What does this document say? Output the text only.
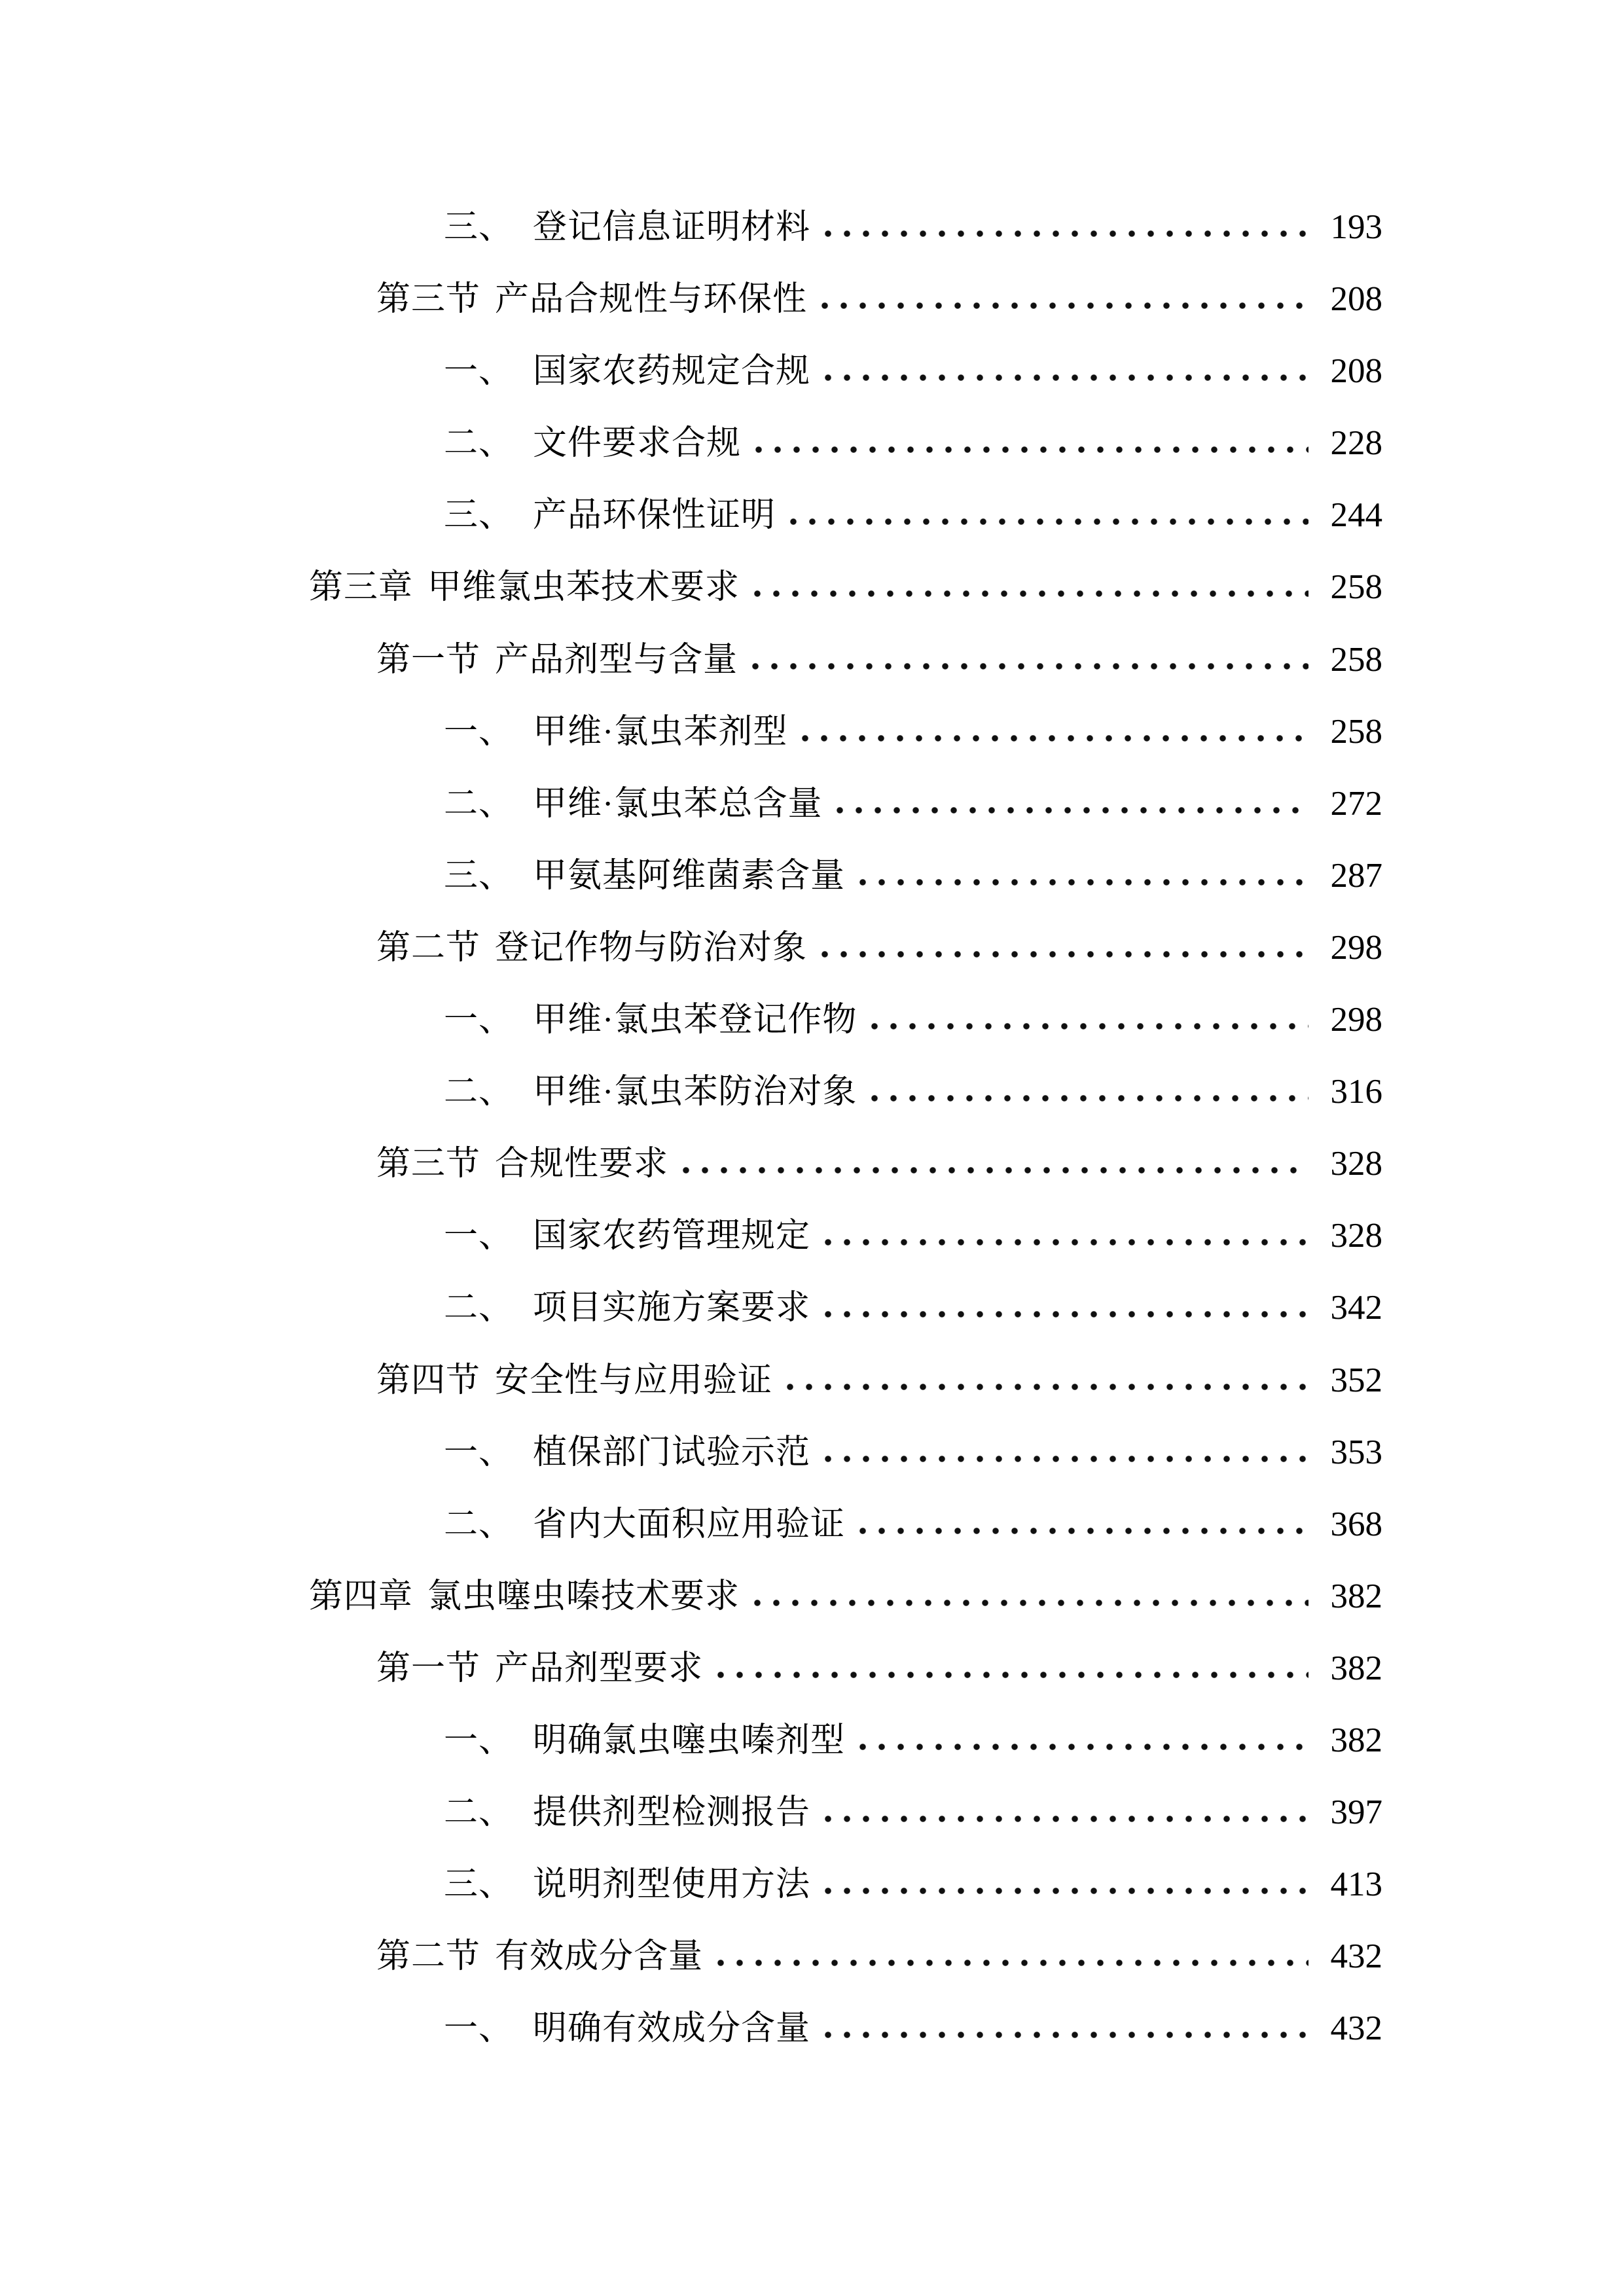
三、 登记信息证明材料	193
第三节 产品合规性与环保性	208
一、 国家农药规定合规	208
二、 文件要求合规	228
三、 产品环保性证明	244
第三章 甲维氯虫苯技术要求	258
第一节 产品剂型与含量	258
一、 甲维·氯虫苯剂型	258
二、 甲维·氯虫苯总含量	272
三、 甲氨基阿维菌素含量	287
第二节 登记作物与防治对象	298
一、 甲维·氯虫苯登记作物	298
二、 甲维·氯虫苯防治对象	316
第三节 合规性要求	328
一、 国家农药管理规定	328
二、 项目实施方案要求	342
第四节 安全性与应用验证	352
一、 植保部门试验示范	353
二、 省内大面积应用验证	368
第四章 氯虫噻虫嗪技术要求	382
第一节 产品剂型要求	382
一、 明确氯虫噻虫嗪剂型	382
二、 提供剂型检测报告	397
三、 说明剂型使用方法	413
第二节 有效成分含量	432
一、 明确有效成分含量	432
